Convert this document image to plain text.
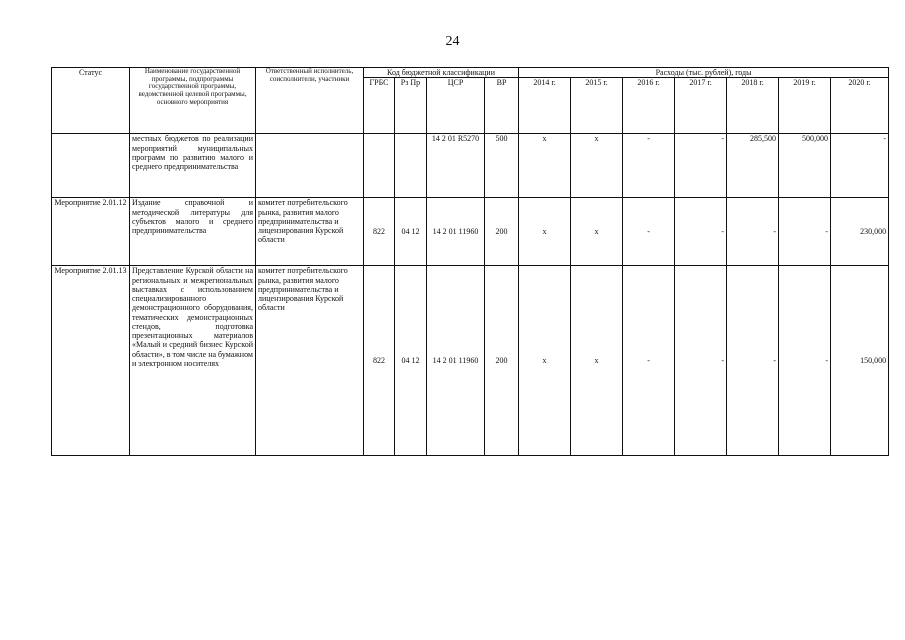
24
Статус	Наименование государственной программы, подпрограммы государственной программы, ведомственной целевой программы, основного мероприятия	Ответственный исполнитель, соисполнители, участники	Код бюджетной классификации				Расходы (тыс. рублей), годы						
			ГРБС	Рз Пр	ЦСР	ВР	2014 г.	2015 г.	2016 г.	2017 г.	2018 г.	2019 г.	2020 г.
	местных бюджетов по реализации мероприятий муниципальных программ по развитию малого и среднего предпринимательства				14 2 01 R5270	500	x	x	-	-	285,500	500,000	-
Мероприятие 2.01.12	Издание справочной и методической литературы для субъектов малого и среднего предпринимательства	комитет потребительского рынка, развития малого предпринимательства и лицензирования Курской области	822	04 12	14 2 01 11960	200	x	x	-	-	-	-	230,000
Мероприятие 2.01.13	Представление Курской области на региональных и межрегиональных выставках с использованием специализированного демонстрационного оборудования, тематических демонстрационных стендов, подготовка презентационных материалов «Малый и средний бизнес Курской области», в том числе на бумажном и электронном носителях	комитет потребительского рынка, развития малого предпринимательства и лицензирования Курской области	822	04 12	14 2 01 11960	200	x	x	-	-	-	-	150,000
